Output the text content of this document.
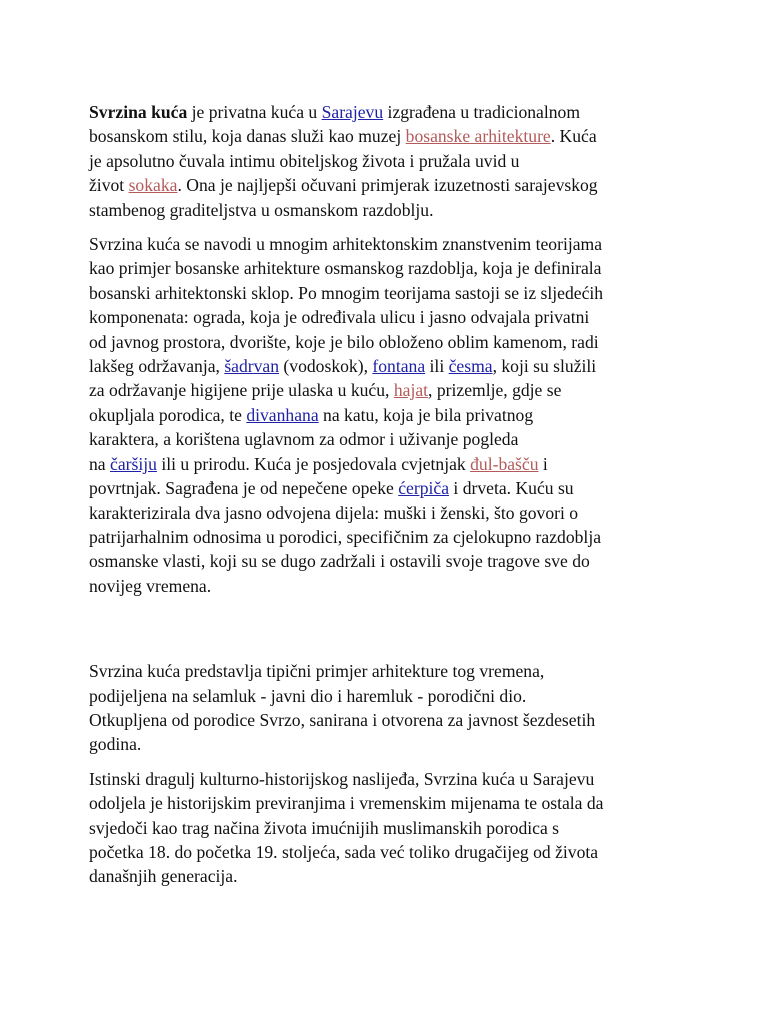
Svrzina kuća je privatna kuća u Sarajevu izgrađena u tradicionalnom
bosanskom stilu, koja danas služi kao muzej bosanske arhitekture. Kuća
je apsolutno čuvala intimu obiteljskog života i pružala uvid u
život sokaka. Ona je najljepši očuvani primjerak izuzetnosti sarajevskog
stambenog graditeljstva u osmanskom razdoblju.
Svrzina kuća se navodi u mnogim arhitektonskim znanstvenim teorijama
kao primjer bosanske arhitekture osmanskog razdoblja, koja je definirala
bosanski arhitektonski sklop. Po mnogim teorijama sastoji se iz sljedećih
komponenata: ograda, koja je određivala ulicu i jasno odvajala privatni
od javnog prostora, dvorište, koje je bilo obloženo oblim kamenom, radi
lakšeg održavanja, šadrvan (vodoskok), fontana ili česma, koji su služili
za održavanje higijene prije ulaska u kuću, hajat, prizemlje, gdje se
okupljala porodica, te divanhana na katu, koja je bila privatnog
karaktera, a korištena uglavnom za odmor i uživanje pogleda
na čaršiju ili u prirodu. Kuća je posjedovala cvjetnjak đul-bašču i
povrtnjak. Sagrađena je od nepečene opeke ćerpiča i drveta. Kuću su
karakterizirala dva jasno odvojena dijela: muški i ženski, što govori o
patrijarhalnim odnosima u porodici, specifičnim za cjelokupno razdoblja
osmanske vlasti, koji su se dugo zadržali i ostavili svoje tragove sve do
novijeg vremena.
Svrzina kuća predstavlja tipični primjer arhitekture tog vremena,
podijeljena na selamluk - javni dio i haremluk - porodični dio.
Otkupljena od porodice Svrzo, sanirana i otvorena za javnost šezdesetih
godina.
Istinski dragulj kulturno-historijskog naslijeđa, Svrzina kuća u Sarajevu
odoljela je historijskim previranjima i vremenskim mijenama te ostala da
svjedoči kao trag načina života imućnijih muslimanskih porodica s
početka 18. do početka 19. stoljeća, sada već toliko drugačijeg od života
današnjih generacija.
